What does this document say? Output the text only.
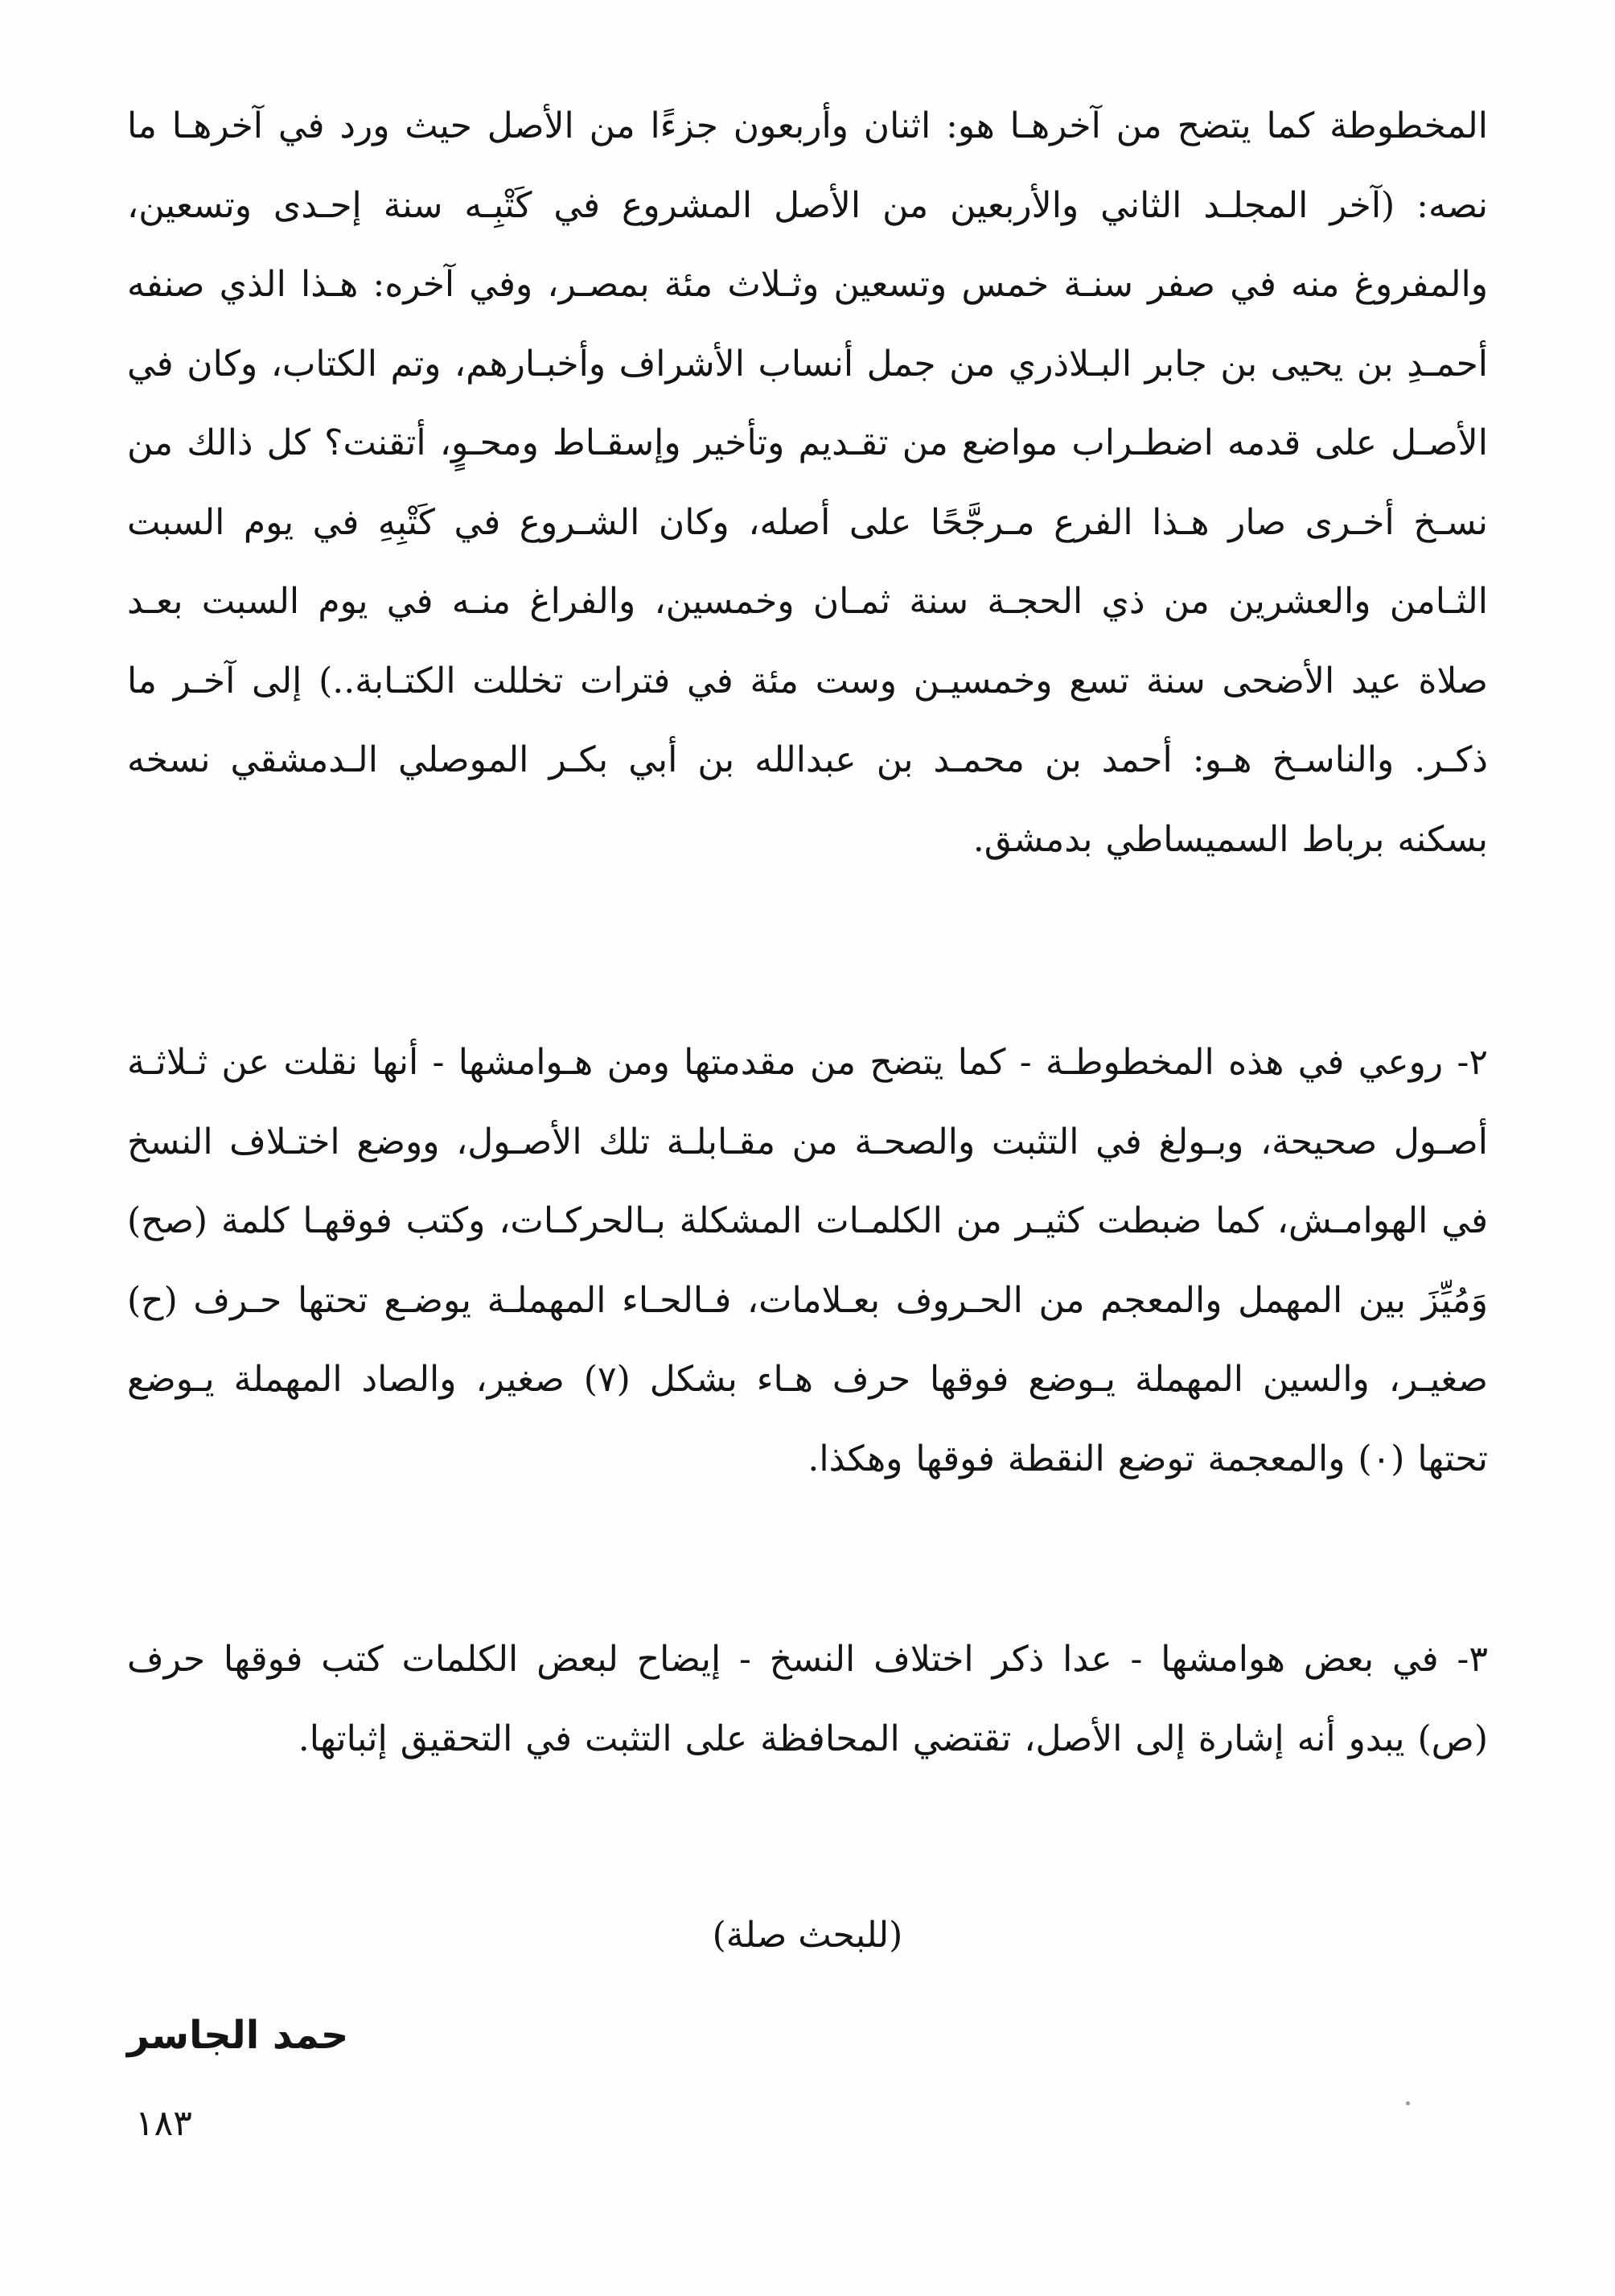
المخطوطة كما يتضح من آخرهـا هو: اثنان وأربعون جزءًا من الأصل حيث ورد في آخرهـا ما نصه: (آخر المجلـد الثاني والأربعين من الأصل المشروع في كَتْبِـه سنة إحـدى وتسعين، والمفروغ منه في صفر سنـة خمس وتسعين وثـلاث مئة بمصـر، وفي آخره: هـذا الذي صنفه أحمـدِ بن يحيى بن جابر البـلاذري من جمل أنساب الأشراف وأخبـارهم، وتم الكتاب، وكان في الأصـل على قدمه اضطـراب مواضع من تقـديم وتأخير وإسقـاط ومحـوٍ، أتقنت؟ كل ذالك من نسـخ أخـرى صار هـذا الفرع مـرجَّحًا على أصله، وكان الشـروع في كَتْبِهِ في يوم السبت الثـامن والعشرين من ذي الحجـة سنة ثمـان وخمسين، والفراغ منـه في يوم السبت بعـد صلاة عيد الأضحى سنة تسع وخمسيـن وست مئة في فترات تخللت الكتـابة..) إلى آخـر ما ذكـر. والناسـخ هـو: أحمد بن محمـد بن عبدالله بن أبي بكـر الموصلي الـدمشقي نسخه بسكنه برباط السميساطي بدمشق.

٢- روعي في هذه المخطوطـة - كما يتضح من مقدمتها ومن هـوامشها - أنها نقلت عن ثـلاثـة أصـول صحيحة، وبـولغ في التثبت والصحـة من مقـابلـة تلك الأصـول، ووضع اختـلاف النسخ في الهوامـش، كما ضبطت كثيـر من الكلمـات المشكلة بـالحركـات، وكتب فوقهـا كلمة (صح) وَمُيِّزَ بين المهمل والمعجم من الحـروف بعـلامات، فـالحـاء المهملـة يوضـع تحتها حـرف (ح) صغيـر، والسين المهملة يـوضع فوقها حرف هـاء بشكل (٧) صغير، والصاد المهملة يـوضع تحتها (٠) والمعجمة توضع النقطة فوقها وهكذا.

٣- في بعض هوامشها - عدا ذكر اختلاف النسخ - إيضاح لبعض الكلمات كتب فوقها حرف (ص) يبدو أنه إشارة إلى الأصل، تقتضي المحافظة على التثبت في التحقيق إثباتها.

(للبحث صلة)
حمد الجاسر
١٨٣
